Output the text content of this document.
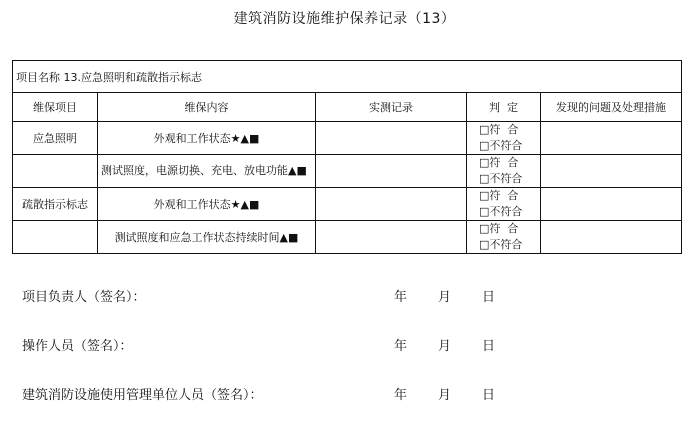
建筑消防设施维护保养记录（13）
项目名称 13.应急照明和疏散指示标志				
维保项目	维保内容	实测记录	判  定	发现的问题及处理措施
应急照明	外观和工作状态★▲■		□符  合
□不符合	

	测试照度，电源切换、充电、放电功能▲■		□符  合
□不符合	

疏散指示标志	外观和工作状态★▲■		□符  合
□不符合	

	测试照度和应急工作状态持续时间▲■		□符  合
□不符合	

项目负责人（签名）：	年 月 日
操作人员（签名）：	年 月 日
建筑消防设施使用管理单位人员（签名）：	年 月 日
